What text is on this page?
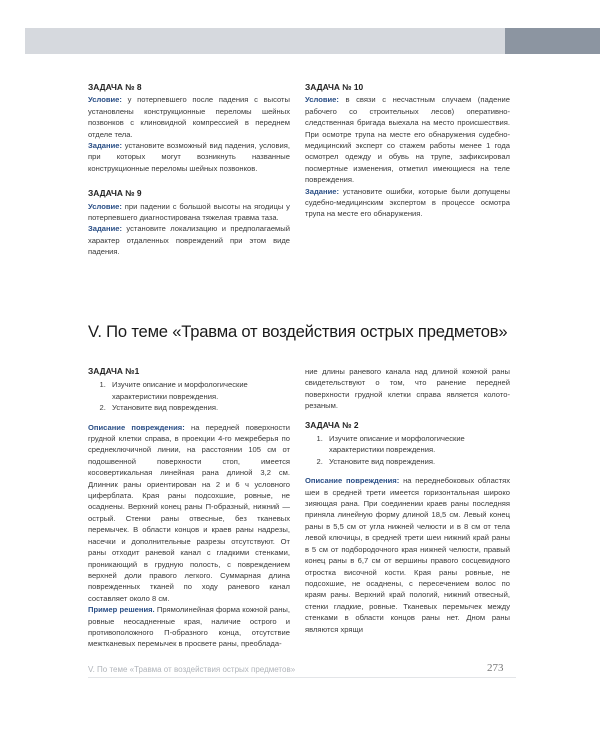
ЗАДАЧА № 8

Условие: у потерпевшего после падения с высоты установлены конструкционные переломы шейных позвонков с клиновидной компрессией в переднем отделе тела.

Задание: установите возможный вид падения, условия, при которых могут возникнуть названные конструкционные переломы шейных позвонков.

ЗАДАЧА № 9

Условие: при падении с большой высоты на ягодицы у потерпевшего диагностирована тяжелая травма таза.

Задание: установите локализацию и предполагаемый характер отдаленных повреждений при этом виде падения.

ЗАДАЧА № 10

Условие: в связи с несчастным случаем (падение рабочего со строительных лесов) оперативно-следственная бригада выехала на место происшествия. При осмотре трупа на месте его обнаружения судебно-медицинский эксперт со стажем работы менее 1 года осмотрел одежду и обувь на трупе, зафиксировал посмертные изменения, отметил имеющиеся на теле повреждения.

Задание: установите ошибки, которые были допущены судебно-медицинским экспертом в процессе осмотра трупа на месте его обнаружения.

V. По теме «Травма от воздействия острых предметов»
ЗАДАЧА №1
1. Изучите описание и морфологические характеристики повреждения.
2. Установите вид повреждения.

Описание повреждения: на передней поверхности грудной клетки справа, в проекции 4-го межреберья по среднеключичной линии, на расстоянии 105 см от подошвенной поверхности стоп, имеется косовертикальная линейная рана длиной 3,2 см. Длинник раны ориентирован на 2 и 6 ч условного циферблата. Края раны подсохшие, ровные, не осаднены. Верхний конец раны П-образный, нижний — острый. Стенки раны отвесные, без тканевых перемычек. В области концов и краев раны надрезы, насечки и дополнительные разрезы отсутствуют. От раны отходит раневой канал с гладкими стенками, проникающий в грудную полость, с повреждением верхней доли правого легкого. Суммарная длина поврежденных тканей по ходу раневого канал составляет около 8 см.

Пример решения. Прямолинейная форма кожной раны, ровные неосадненные края, наличие острого и противоположного П-образного конца, отсутствие межтканевых перемычек в просвете раны, преоблада-

ние длины раневого канала над длиной кожной раны свидетельствуют о том, что ранение передней поверхности грудной клетки справа является колото-резаным.

ЗАДАЧА № 2
1. Изучите описание и морфологические характеристики повреждения.
2. Установите вид повреждения.

Описание повреждения: на переднебоковых областях шеи в средней трети имеется горизонтальная широко зияющая рана. При соединении краев раны последняя приняла линейную форму длиной 18,5 см. Левый конец раны в 5,5 см от угла нижней челюсти и в 8 см от тела левой ключицы, в средней трети шеи нижний край раны в 5 см от подбородочного края нижней челюсти, правый конец раны в 6,7 см от вершины правого сосцевидного отростка височной кости. Края раны ровные, не подсохшие, не осаднены, с пересечением волос по краям раны. Верхний край пологий, нижний отвесный, стенки гладкие, ровные. Тканевых перемычек между стенками в области концов раны нет. Дном раны являются хрящи

V. По теме «Травма от воздействия острых предметов»	273
